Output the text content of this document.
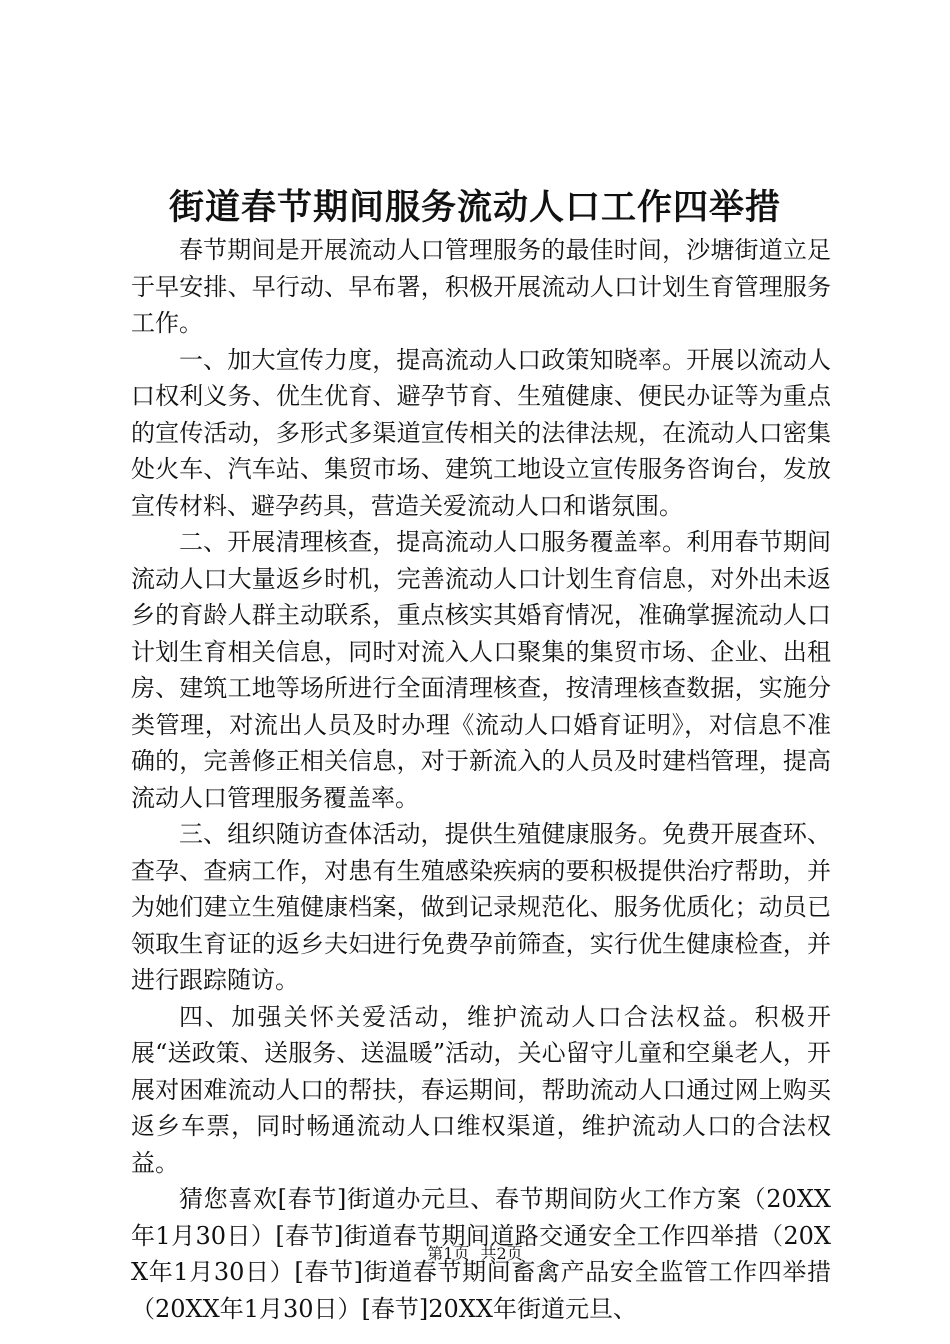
街道春节期间服务流动人口工作四举措

春节期间是开展流动人口管理服务的最佳时间，沙塘街道立足于早安排、早行动、早布署，积极开展流动人口计划生育管理服务工作。

一、加大宣传力度，提高流动人口政策知晓率。开展以流动人口权利义务、优生优育、避孕节育、生殖健康、便民办证等为重点的宣传活动，多形式多渠道宣传相关的法律法规，在流动人口密集处火车、汽车站、集贸市场、建筑工地设立宣传服务咨询台，发放宣传材料、避孕药具，营造关爱流动人口和谐氛围。

二、开展清理核查，提高流动人口服务覆盖率。利用春节期间流动人口大量返乡时机，完善流动人口计划生育信息，对外出未返乡的育龄人群主动联系，重点核实其婚育情况，准确掌握流动人口计划生育相关信息，同时对流入人口聚集的集贸市场、企业、出租房、建筑工地等场所进行全面清理核查，按清理核查数据，实施分类管理，对流出人员及时办理《流动人口婚育证明》，对信息不准确的，完善修正相关信息，对于新流入的人员及时建档管理，提高流动人口管理服务覆盖率。

三、组织随访查体活动，提供生殖健康服务。免费开展查环、查孕、查病工作，对患有生殖感染疾病的要积极提供治疗帮助，并为她们建立生殖健康档案，做到记录规范化、服务优质化；动员已领取生育证的返乡夫妇进行免费孕前筛查，实行优生健康检查，并进行跟踪随访。

四、加强关怀关爱活动，维护流动人口合法权益。积极开展“送政策、送服务、送温暖”活动，关心留守儿童和空巢老人，开展对困难流动人口的帮扶，春运期间，帮助流动人口通过网上购买返乡车票，同时畅通流动人口维权渠道，维护流动人口的合法权益。

猜您喜欢[春节]街道办元旦、春节期间防火工作方案（20XX年1月30日）[春节]街道春节期间道路交通安全工作四举措（20XX年1月30日）[春节]街道春节期间畜禽产品安全监管工作四举措（20XX年1月30日）[春节]20XX年街道元旦、

第1页 共2页
